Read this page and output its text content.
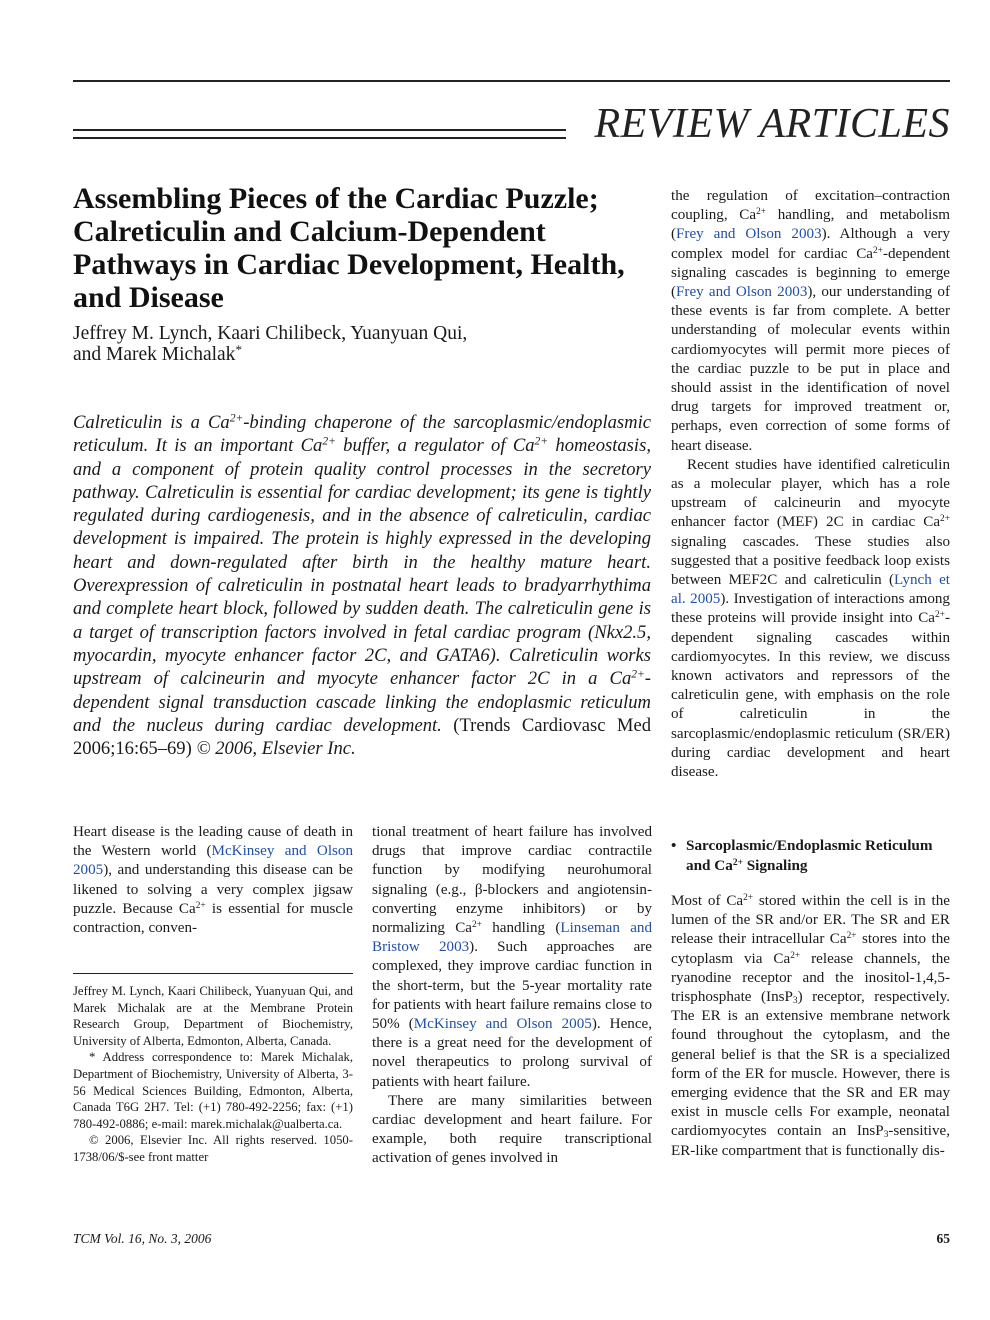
REVIEW ARTICLES
Assembling Pieces of the Cardiac Puzzle; Calreticulin and Calcium-Dependent Pathways in Cardiac Development, Health, and Disease
Jeffrey M. Lynch, Kaari Chilibeck, Yuanyuan Qui,
and Marek Michalak*

Calreticulin is a $Ca^{2+}$-binding chaperone of the sarcoplasmic/endoplasmic reticulum. It is an important $Ca^{2+}$ buffer, a regulator of $Ca^{2+}$ homeostasis, and a component of protein quality control processes in the secretory pathway. Calreticulin is essential for cardiac development; its gene is tightly regulated during cardiogenesis, and in the absence of calreticulin, cardiac development is impaired. The protein is highly expressed in the developing heart and down-regulated after birth in the healthy mature heart. Overexpression of calreticulin in postnatal heart leads to bradyarrhythima and complete heart block, followed by sudden death. The calreticulin gene is a target of transcription factors involved in fetal cardiac program (Nkx2.5, myocardin, myocyte enhancer factor 2C, and GATA6). Calreticulin works upstream of calcineurin and myocyte enhancer factor 2C in a $Ca^{2+}$-dependent signal transduction cascade linking the endoplasmic reticulum and the nucleus during cardiac development. (Trends Cardiovasc Med 2006;16:65–69) © 2006, Elsevier Inc.

Heart disease is the leading cause of death in the Western world (McKinsey and Olson 2005), and understanding this disease can be likened to solving a very complex jigsaw puzzle. Because $Ca^{2+}$ is essential for muscle contraction, conven-

Jeffrey M. Lynch, Kaari Chilibeck, Yuanyuan Qui, and Marek Michalak are at the Membrane Protein Research Group, Department of Biochemistry, University of Alberta, Edmonton, Alberta, Canada.

* Address correspondence to: Marek Michalak, Department of Biochemistry, University of Alberta, 3-56 Medical Sciences Building, Edmonton, Alberta, Canada T6G 2H7. Tel: (+1) 780-492-2256; fax: (+1) 780-492-0886; e-mail: marek.michalak@ualberta.ca.

© 2006, Elsevier Inc. All rights reserved. 1050-1738/06/$-see front matter

tional treatment of heart failure has involved drugs that improve cardiac contractile function by modifying neurohumoral signaling (e.g., β-blockers and angiotensin-converting enzyme inhibitors) or by normalizing $Ca^{2+}$ handling (Linseman and Bristow 2003). Such approaches are complexed, they improve cardiac function in the short-term, but the 5-year mortality rate for patients with heart failure remains close to 50% (McKinsey and Olson 2005). Hence, there is a great need for the development of novel therapeutics to prolong survival of patients with heart failure.

There are many similarities between cardiac development and heart failure. For example, both require transcriptional activation of genes involved in

the regulation of excitation–contraction coupling, $Ca^{2+}$ handling, and metabolism (Frey and Olson 2003). Although a very complex model for cardiac $Ca^{2+}$-dependent signaling cascades is beginning to emerge (Frey and Olson 2003), our understanding of these events is far from complete. A better understanding of molecular events within cardiomyocytes will permit more pieces of the cardiac puzzle to be put in place and should assist in the identification of novel drug targets for improved treatment or, perhaps, even correction of some forms of heart disease.

Recent studies have identified calreticulin as a molecular player, which has a role upstream of calcineurin and myocyte enhancer factor (MEF) 2C in cardiac $Ca^{2+}$ signaling cascades. These studies also suggested that a positive feedback loop exists between MEF2C and calreticulin (Lynch et al. 2005). Investigation of interactions among these proteins will provide insight into $Ca^{2+}$-dependent signaling cascades within cardiomyocytes. In this review, we discuss known activators and repressors of the calreticulin gene, with emphasis on the role of calreticulin in the sarcoplasmic/endoplasmic reticulum (SR/ER) during cardiac development and heart disease.

• Sarcoplasmic/Endoplasmic Reticulum and $Ca^{2+}$ Signaling

Most of $Ca^{2+}$ stored within the cell is in the lumen of the SR and/or ER. The SR and ER release their intracellular $Ca^{2+}$ stores into the cytoplasm via $Ca^{2+}$ release channels, the ryanodine receptor and the inositol-1,4,5-trisphosphate (InsP$_3$) receptor, respectively. The ER is an extensive membrane network found throughout the cytoplasm, and the general belief is that the SR is a specialized form of the ER for muscle. However, there is emerging evidence that the SR and ER may exist in muscle cells For example, neonatal cardiomyocytes contain an InsP$_3$-sensitive, ER-like compartment that is functionally dis-

TCM Vol. 16, No. 3, 2006	65
